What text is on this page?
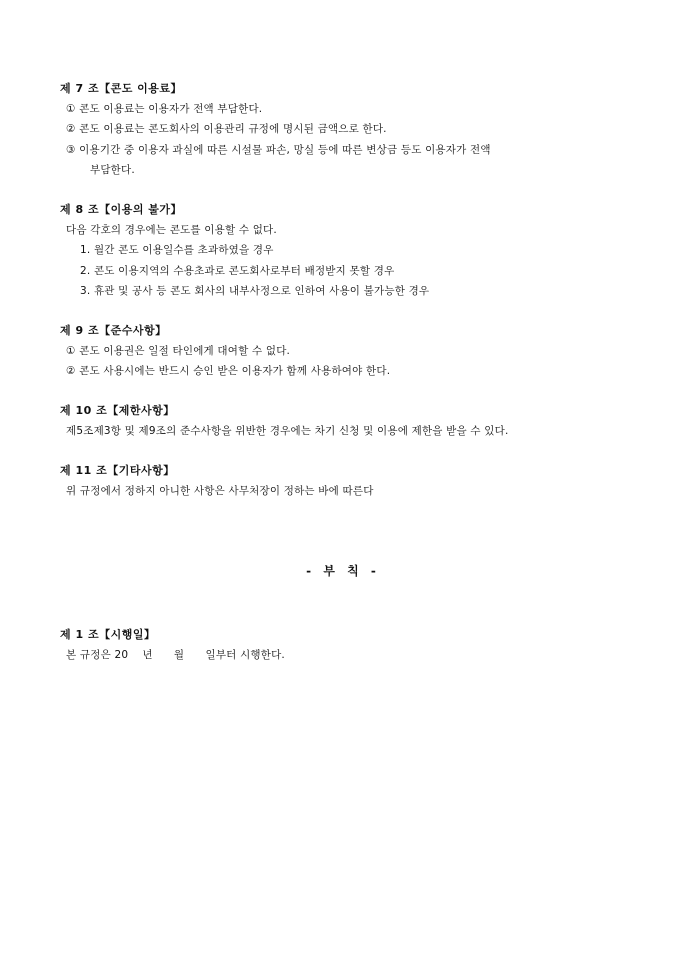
제 7 조【콘도 이용료】
① 콘도 이용료는 이용자가 전액 부담한다.
② 콘도 이용료는 콘도회사의 이용관리 규정에 명시된 금액으로 한다.
③ 이용기간 중 이용자 과실에 따른 시설물 파손, 망실 등에 따른 변상금 등도 이용자가 전액
부담한다.
제 8 조【이용의 불가】
다음 각호의 경우에는 콘도를 이용할 수 없다.
1. 월간 콘도 이용일수를 초과하였을 경우
2. 콘도 이용지역의 수용초과로 콘도회사로부터 배정받지 못할 경우
3. 휴관 및 공사 등 콘도 회사의 내부사정으로 인하여 사용이 불가능한 경우
제 9 조【준수사항】
① 콘도 이용권은 일절 타인에게 대여할 수 없다.
② 콘도 사용시에는 반드시 승인 받은 이용자가 함께 사용하여야 한다.
제 10 조【제한사항】
제5조제3항 및 제9조의 준수사항을 위반한 경우에는 차기 신청 및 이용에 제한을 받을 수 있다.
제 11 조【기타사항】
위 규정에서 정하지 아니한 사항은 사무처장이 정하는 바에 따른다
- 부 칙 -
제 1 조【시행일】
본 규정은 20    년      월      일부터 시행한다.
